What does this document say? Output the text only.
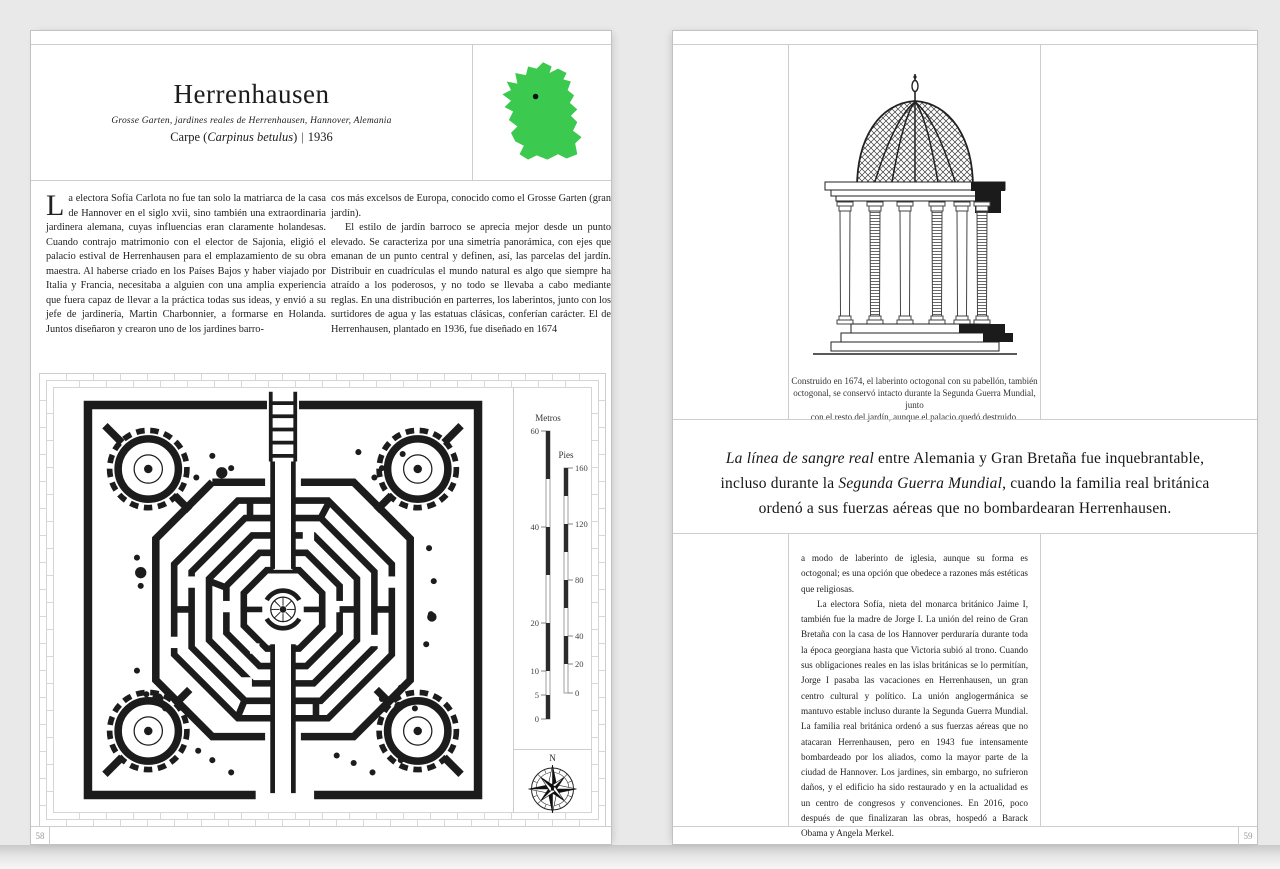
Herrenhausen
Grosse Garten, jardines reales de Herrenhausen, Hannover, Alemania
Carpe (Carpinus betulus) | 1936

La electora Sofía Carlota no fue tan solo la matriarca de la casa de Hannover en el siglo xvii, sino también una extraordinaria jardinera alemana, cuyas influencias eran claramente holandesas. Cuando contrajo matrimonio con el elector de Sajonia, eligió el palacio estival de Herrenhausen para el emplazamiento de su obra maestra. Al haberse criado en los Países Bajos y haber viajado por Italia y Francia, necesitaba a alguien con una amplia experiencia que fuera capaz de llevar a la práctica todas sus ideas, y envió a su jefe de jardinería, Martin Charbonnier, a formarse en Holanda. Juntos diseñaron y crearon uno de los jardines barro-

cos más excelsos de Europa, conocido como el Grosse Garten (gran jardín).

El estilo de jardín barroco se aprecia mejor desde un punto elevado. Se caracteriza por una simetría panorámica, con ejes que emanan de un punto central y definen, así, las parcelas del jardín. Distribuir en cuadrículas el mundo natural es algo que siempre ha atraído a los poderosos, y no todo se llevaba a cabo mediante reglas. En una distribución en parterres, los laberintos, junto con los surtidores de agua y las estatuas clásicas, conferían carácter. El de Herrenhausen, plantado en 1936, fue diseñado en 1674

Metros
60
40
20
10
5
0
Pies
160
120
80
40
20
0
N
58
Construido en 1674, el laberinto octogonal con su pabellón, también
octogonal, se conservó intacto durante la Segunda Guerra Mundial, junto
con el resto del jardín, aunque el palacio quedó destruido.
La línea de sangre real entre Alemania y Gran Bretaña fue inquebrantable,
incluso durante la Segunda Guerra Mundial, cuando la familia real británica
ordenó a sus fuerzas aéreas que no bombardearan Herrenhausen.

a modo de laberinto de iglesia, aunque su forma es octogonal; es una opción que obedece a razones más estéticas que religiosas.

La electora Sofía, nieta del monarca británico Jaime I, también fue la madre de Jorge I. La unión del reino de Gran Bretaña con la casa de los Hannover perduraría durante toda la época georgiana hasta que Victoria subió al trono. Cuando sus obligaciones reales en las islas británicas se lo permitían, Jorge I pasaba las vacaciones en Herrenhausen, un gran centro cultural y político. La unión anglogermánica se mantuvo estable incluso durante la Segunda Guerra Mundial. La familia real británica ordenó a sus fuerzas aéreas que no atacaran Herrenhausen, pero en 1943 fue intensamente bombardeado por los aliados, como la mayor parte de la ciudad de Hannover. Los jardines, sin embargo, no sufrieron daños, y el edificio ha sido restaurado y en la actualidad es un centro de congresos y convenciones. En 2016, poco después de que finalizaran las obras, hospedó a Barack Obama y Angela Merkel.	59
